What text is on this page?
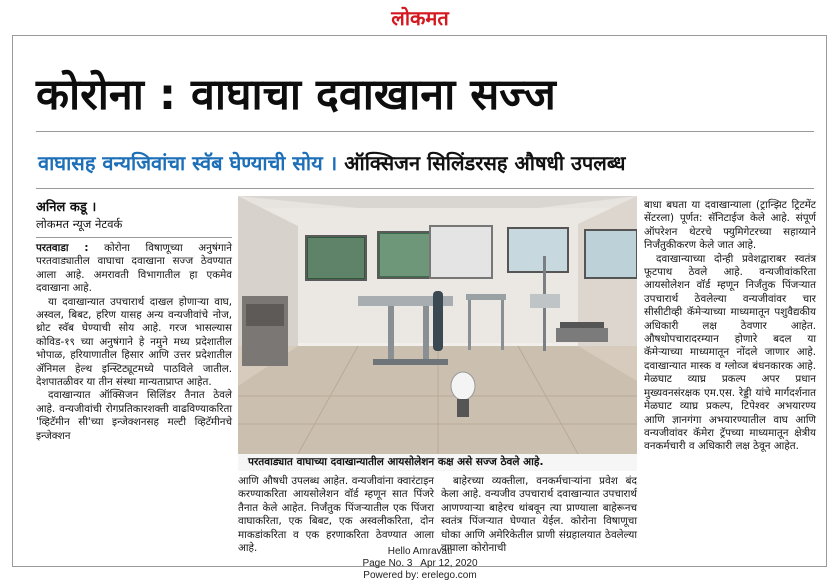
लोकमत
कोरोना : वाघाचा दवाखाना सज्ज
वाघासह वन्यजिवांचा स्वॅब घेण्याची सोय । ऑक्सिजन सिलिंडरसह औषधी उपलब्ध
अनिल कडू ।
लोकमत न्यूज नेटवर्क

परतवाडा : कोरोना विषाणूच्या अनुषंगाने परतवाड्यातील वाघाचा दवाखाना सज्ज ठेवण्यात आला आहे. अमरावती विभागातील हा एकमेव दवाखाना आहे.

या दवाखान्यात उपचारार्थ दाखल होणाऱ्या वाघ, अस्वल, बिबट, हरिण यासह अन्य वन्यजीवांचे नोज, थ्रोट स्वॅब घेण्याची सोय आहे. गरज भासल्यास कोविड-१९ च्या अनुषंगाने हे नमुने मध्य प्रदेशातील भोपाळ, हरियाणातील हिसार आणि उत्तर प्रदेशातील ॲनिमल हेल्थ इन्स्टिट्यूटमध्ये पाठविले जातील. देशपातळीवर या तीन संस्था मान्यताप्राप्त आहेत.

दवाखान्यात ऑक्सिजन सिलिंडर तैनात ठेवले आहे. वन्यजीवांची रोगप्रतिकारशक्ती वाढविण्याकरिता 'व्हिटॅमीन सी'च्या इन्जेक्शनसह मल्टी व्हिटॅमीनचे इन्जेक्शन

परतवाड्यात वाघाच्या दवाखान्यातील आयसोलेशन कक्ष असे सज्ज ठेवले आहे.

आणि औषधी उपलब्ध आहेत. वन्यजीवांना क्वारंटाइन करण्याकरिता आयसोलेशन वॉर्ड म्हणून सात पिंजरे तैनात केले आहेत. निर्जंतुक पिंजऱ्यातील एक पिंजरा वाघाकरिता, एक बिबट, एक अस्वलीकरिता, दोन माकडांकरिता व एक हरणाकरिता ठेवण्यात आला आहे.

बाहेरच्या व्यक्तीला, वनकर्मचाऱ्यांना प्रवेश बंद केला आहे. वन्यजीव उपचारार्थ दवाखान्यात उपचारार्थ आणण्याऱ्या बाहेरच थांबवून त्या प्राण्याला बाहेरूनच स्वतंत्र पिंजऱ्यात घेण्यात येईल. कोरोना विषाणूचा धोका आणि अमेरिकेतील प्राणी संग्रहालयात ठेवलेल्या वाघाला कोरोनाची

बाधा बघता या दवाखान्याला (ट्रान्झिट ट्रिटमेंट सेंटरला) पूर्णत: सॅनिटाईज केले आहे. संपूर्ण ऑपरेशन थेटरचे फ्युमिगेटरच्या सहाय्याने निर्जंतुकीकरण केले जात आहे.

दवाखान्याच्या दोन्ही प्रवेशद्वाराबर स्वतंत्र फूटपाथ ठेवले आहे. वन्यजीवांकरिता आयसोलेशन वॉर्ड म्हणून निर्जंतुक पिंजऱ्यात उपचारार्थ ठेवलेल्या वन्यजीवांवर चार सीसीटीव्ही कॅमेऱ्याच्या माध्यमातून पशुवैद्यकीय अधिकारी लक्ष ठेवणार आहेत. औषधोपचारादरम्यान होणारे बदल या कॅमेऱ्याच्या माध्यमातून नोंदले जाणार आहे. दवाखान्यात मास्क व ग्लोव्ज बंधनकारक आहे. मेळघाट व्याघ्र प्रकल्प अपर प्रधान मुख्यवनसंरक्षक एम.एस. रेड्डी यांचे मार्गदर्शनात मेळघाट व्याघ्र प्रकल्प, टिपेश्वर अभयारण्य आणि ज्ञानगंगा अभयारण्यातील वाघ आणि वन्यजीवांवर कॅमेरा ट्रॅपच्या माध्यमातून क्षेत्रीय वनकर्मचारी व अधिकारी लक्ष ठेवून आहेत.

Hello Amravati
Page No. 3   Apr 12, 2020
Powered by: erelego.com
